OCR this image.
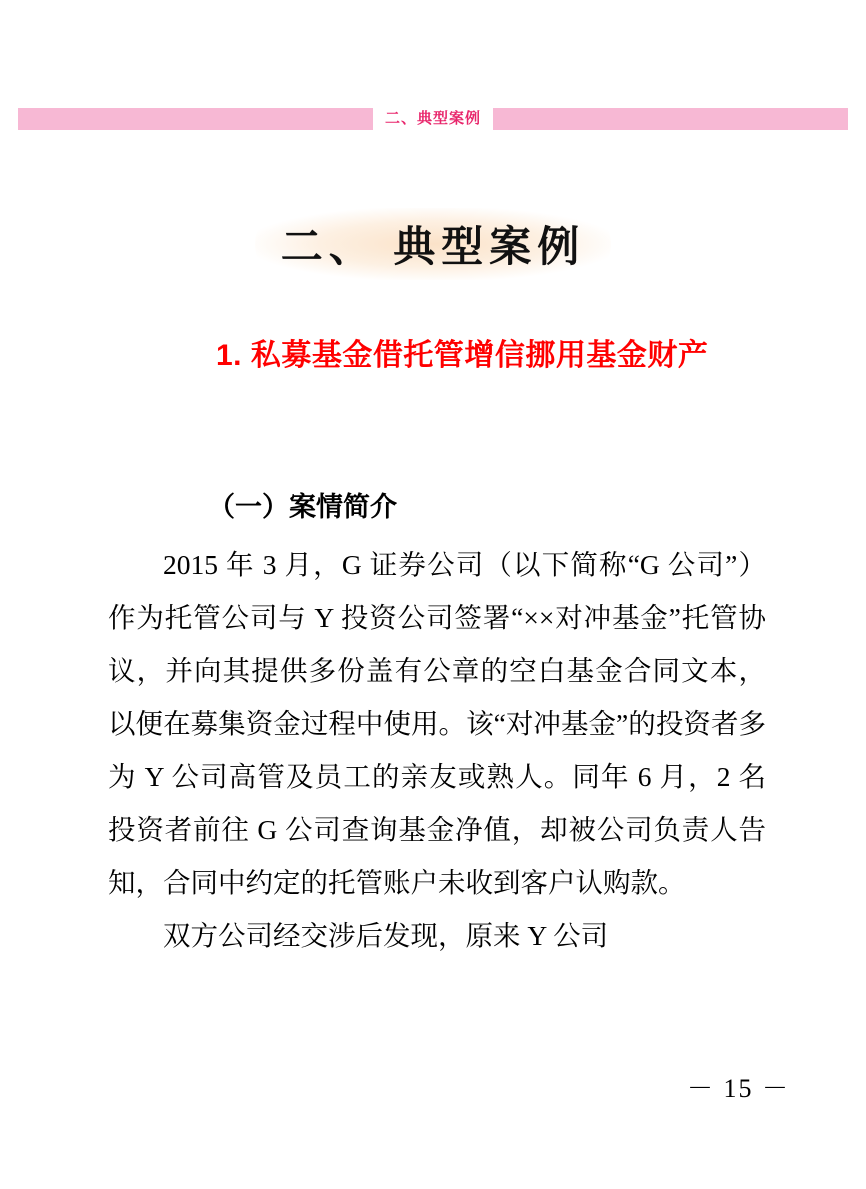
二、典型案例
二、 典型案例
1. 私募基金借托管增信挪用基金财产
（一）案情简介

2015 年 3 月，G 证券公司（以下简称“G 公司”）作为托管公司与 Y 投资公司签署“××对冲基金”托管协议，并向其提供多份盖有公章的空白基金合同文本，以便在募集资金过程中使用。该“对冲基金”的投资者多为 Y 公司高管及员工的亲友或熟人。同年 6 月，2 名投资者前往 G 公司查询基金净值，却被公司负责人告知，合同中约定的托管账户未收到客户认购款。

双方公司经交涉后发现，原来 Y 公司

－ 15 －
